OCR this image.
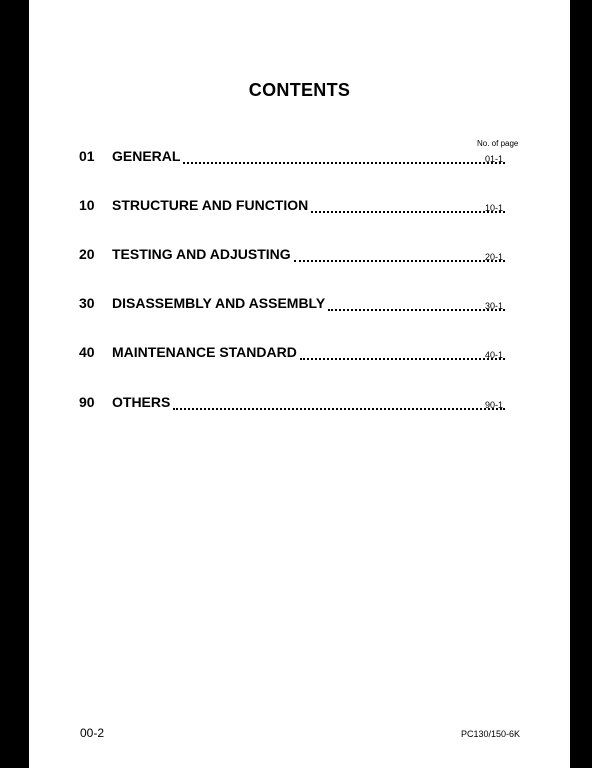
CONTENTS
No. of page
01	GENERAL	01-1
10	STRUCTURE AND FUNCTION	10-1
20	TESTING AND ADJUSTING	20-1
30	DISASSEMBLY AND ASSEMBLY	30-1
40	MAINTENANCE STANDARD	40-1
90	OTHERS	90-1
00-2	PC130/150-6K
